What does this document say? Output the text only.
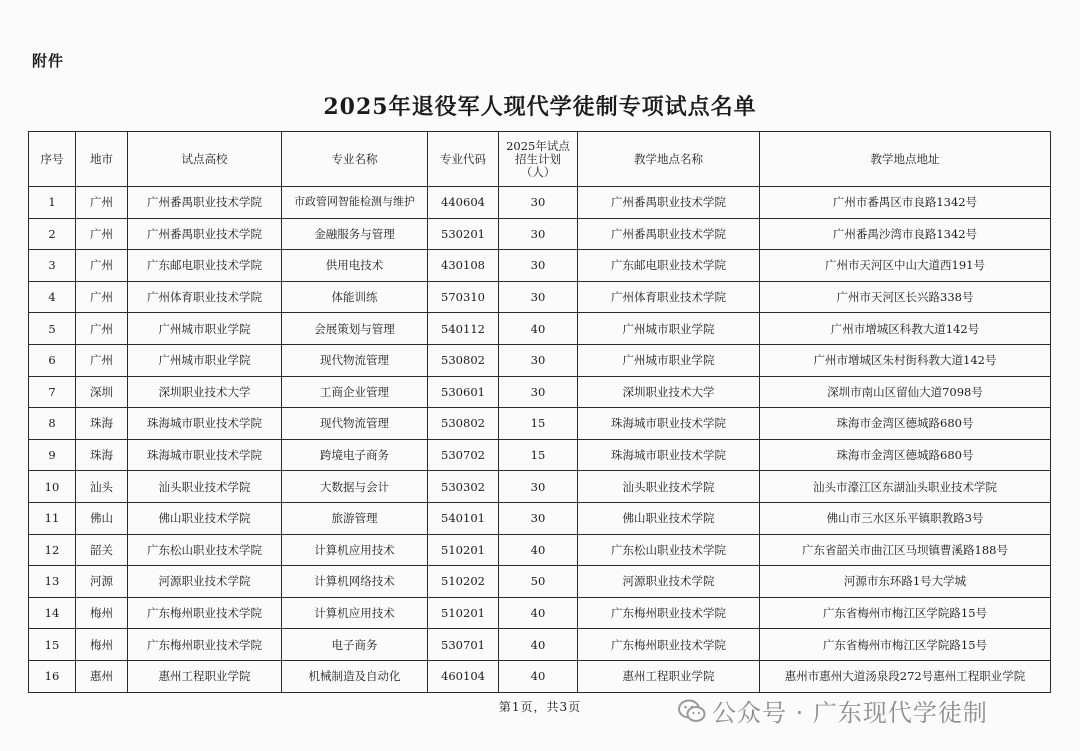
附件
2025年退役军人现代学徒制专项试点名单
序号	地市	试点高校	专业名称	专业代码	2025年试点招生计划（人）	教学地点名称	教学地点地址
1	广州	广州番禺职业技术学院	市政管网智能检测与维护	440604	30	广州番禺职业技术学院	广州市番禺区市良路1342号
2	广州	广州番禺职业技术学院	金融服务与管理	530201	30	广州番禺职业技术学院	广州番禺沙湾市良路1342号
3	广州	广东邮电职业技术学院	供用电技术	430108	30	广东邮电职业技术学院	广州市天河区中山大道西191号
4	广州	广州体育职业技术学院	体能训练	570310	30	广州体育职业技术学院	广州市天河区长兴路338号
5	广州	广州城市职业学院	会展策划与管理	540112	40	广州城市职业学院	广州市增城区科教大道142号
6	广州	广州城市职业学院	现代物流管理	530802	30	广州城市职业学院	广州市增城区朱村街科教大道142号
7	深圳	深圳职业技术大学	工商企业管理	530601	30	深圳职业技术大学	深圳市南山区留仙大道7098号
8	珠海	珠海城市职业技术学院	现代物流管理	530802	15	珠海城市职业技术学院	珠海市金湾区德城路680号
9	珠海	珠海城市职业技术学院	跨境电子商务	530702	15	珠海城市职业技术学院	珠海市金湾区德城路680号
10	汕头	汕头职业技术学院	大数据与会计	530302	30	汕头职业技术学院	汕头市濠江区东湖汕头职业技术学院
11	佛山	佛山职业技术学院	旅游管理	540101	30	佛山职业技术学院	佛山市三水区乐平镇职教路3号
12	韶关	广东松山职业技术学院	计算机应用技术	510201	40	广东松山职业技术学院	广东省韶关市曲江区马坝镇曹溪路188号
13	河源	河源职业技术学院	计算机网络技术	510202	50	河源职业技术学院	河源市东环路1号大学城
14	梅州	广东梅州职业技术学院	计算机应用技术	510201	40	广东梅州职业技术学院	广东省梅州市梅江区学院路15号
15	梅州	广东梅州职业技术学院	电子商务	530701	40	广东梅州职业技术学院	广东省梅州市梅江区学院路15号
16	惠州	惠州工程职业学院	机械制造及自动化	460104	40	惠州工程职业学院	惠州市惠州大道汤泉段272号惠州工程职业学院
第1页，共3页	公众号 · 广东现代学徒制
